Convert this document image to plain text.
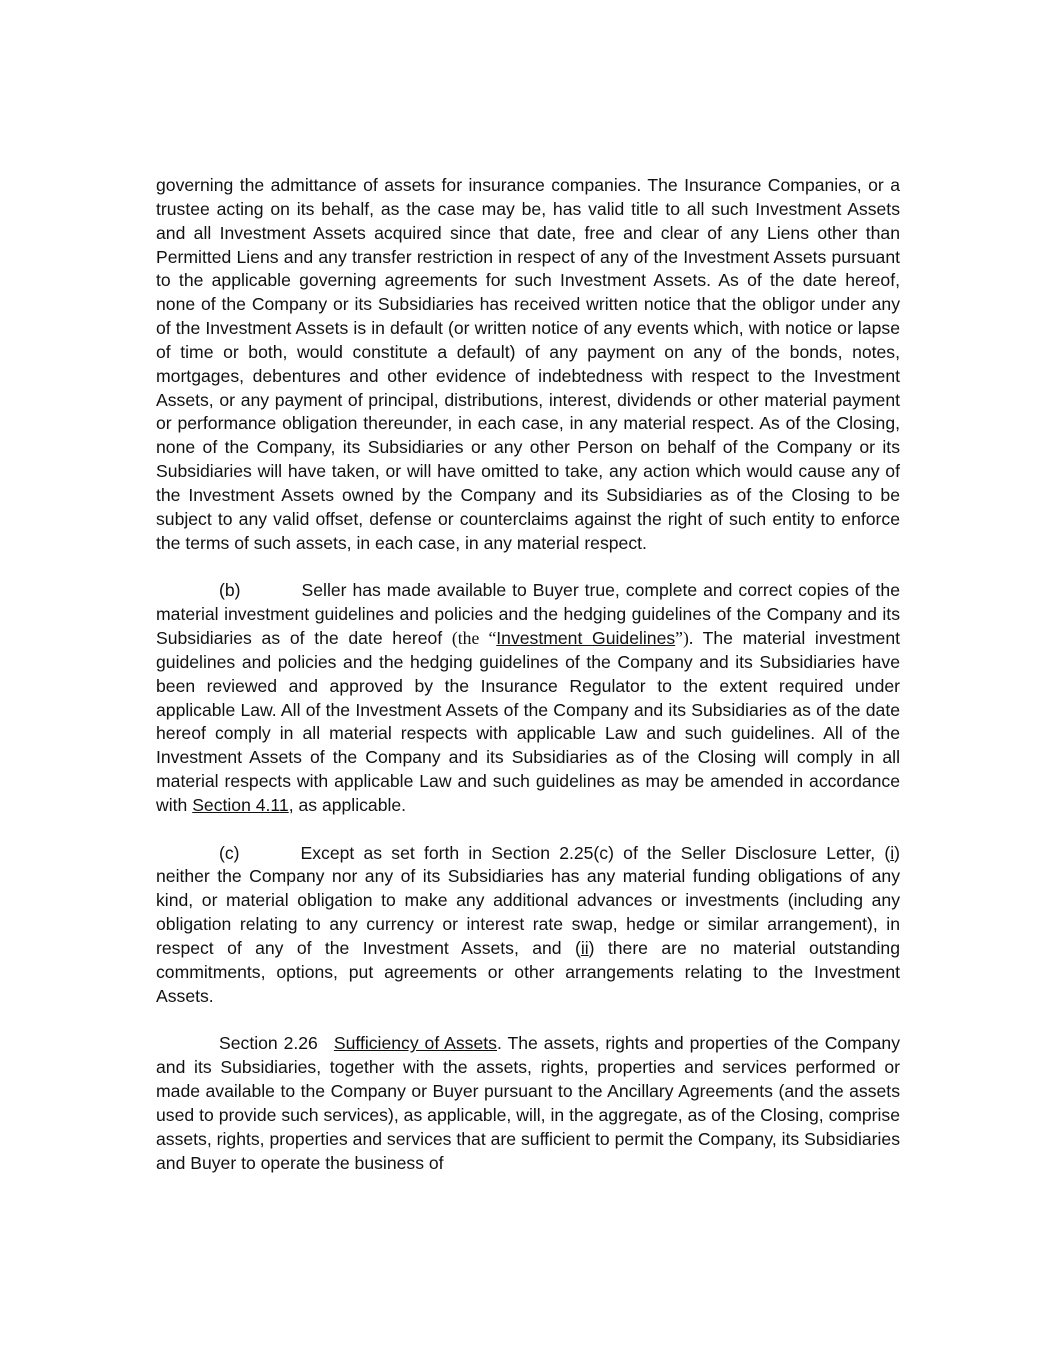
governing the admittance of assets for insurance companies. The Insurance Companies, or a trustee acting on its behalf, as the case may be, has valid title to all such Investment Assets and all Investment Assets acquired since that date, free and clear of any Liens other than Permitted Liens and any transfer restriction in respect of any of the Investment Assets pursuant to the applicable governing agreements for such Investment Assets. As of the date hereof, none of the Company or its Subsidiaries has received written notice that the obligor under any of the Investment Assets is in default (or written notice of any events which, with notice or lapse of time or both, would constitute a default) of any payment on any of the bonds, notes, mortgages, debentures and other evidence of indebtedness with respect to the Investment Assets, or any payment of principal, distributions, interest, dividends or other material payment or performance obligation thereunder, in each case, in any material respect. As of the Closing, none of the Company, its Subsidiaries or any other Person on behalf of the Company or its Subsidiaries will have taken, or will have omitted to take, any action which would cause any of the Investment Assets owned by the Company and its Subsidiaries as of the Closing to be subject to any valid offset, defense or counterclaims against the right of such entity to enforce the terms of such assets, in each case, in any material respect.

(b)	Seller has made available to Buyer true, complete and correct copies of the material investment guidelines and policies and the hedging guidelines of the Company and its Subsidiaries as of the date hereof (the “Investment Guidelines”). The material investment guidelines and policies and the hedging guidelines of the Company and its Subsidiaries have been reviewed and approved by the Insurance Regulator to the extent required under applicable Law. All of the Investment Assets of the Company and its Subsidiaries as of the date hereof comply in all material respects with applicable Law and such guidelines. All of the Investment Assets of the Company and its Subsidiaries as of the Closing will comply in all material respects with applicable Law and such guidelines as may be amended in accordance with Section 4.11, as applicable.

(c)	Except as set forth in Section 2.25(c) of the Seller Disclosure Letter, (i) neither the Company nor any of its Subsidiaries has any material funding obligations of any kind, or material obligation to make any additional advances or investments (including any obligation relating to any currency or interest rate swap, hedge or similar arrangement), in respect of any of the Investment Assets, and (ii) there are no material outstanding commitments, options, put agreements or other arrangements relating to the Investment Assets.

Section 2.26 Sufficiency of Assets. The assets, rights and properties of the Company and its Subsidiaries, together with the assets, rights, properties and services performed or made available to the Company or Buyer pursuant to the Ancillary Agreements (and the assets used to provide such services), as applicable, will, in the aggregate, as of the Closing, comprise assets, rights, properties and services that are sufficient to permit the Company, its Subsidiaries and Buyer to operate the business of
